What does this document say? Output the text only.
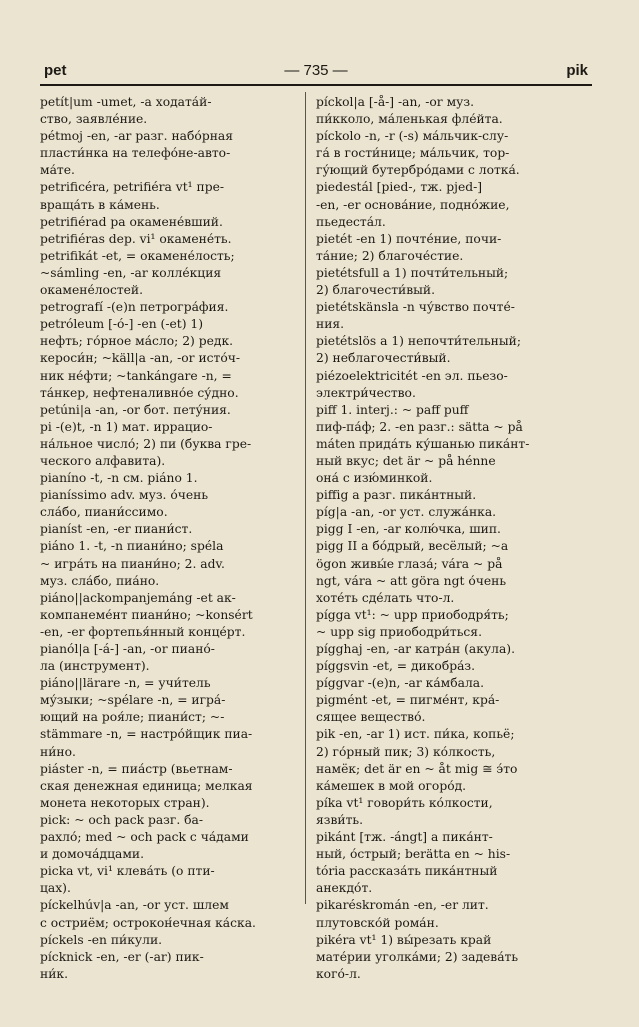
pet	— 735 —	pik
petít|um -umet, -a ходата́й-
ство, заявле́ние.
pétmoj -en, -ar разг. набо́рная
пласти́нка на телефо́не-авто-
ма́те.
petrificéra, petrifiéra vt¹ пре-
враща́ть в ка́мень.
petrifiérad pa окамене́вший.
petrifiéras dep. vi¹ окамене́ть.
petrifikát -et, = окамене́лость;
~sámling -en, -ar колле́кция
окамене́лостей.
petrografí -(e)n петрогра́фия.
petróleum [-ó-] -en (-et) 1)
нефть; го́рное ма́сло; 2) редк.
кероси́н; ~käll|a -an, -or исто́ч-
ник не́фти; ~tankángare -n, =
та́нкер, нефтеналивно́е су́дно.
petúni|a -an, -or бот. пету́ния.
pi -(e)t, -n 1) мат. иррацио-
на́льное число́; 2) пи (буква гре-
ческого алфавита).
pianíno -t, -n см. piáno 1.
pianíssimo adv. муз. о́чень
сла́бо, пиани́ссимо.
pianíst -en, -er пиани́ст.
piáno 1. -t, -n пиани́но; spéla
~ игра́ть на пиани́но; 2. adv.
муз. сла́бо, пиа́но.
piáno||ackompanjemáng -et ак-
компанеме́нт пиани́но; ~konsért
-en, -er фортепья́нный конце́рт.
pianól|a [-á-] -an, -or пиано́-
ла (инструмент).
piáno||lärare -n, = учи́тель
му́зыки; ~spélare -n, = игра́-
ющий на роя́ле; пиани́ст; ~-
stämmare -n, = настро́йщик пиа-
ни́но.
piáster -n, = пиа́стр (вьетнам-
ская денежная единица; мелкая
монета некоторых стран).
pick: ~ och pack разг. ба-
рахло́; med ~ och pack с ча́дами
и домоча́дцами.
picka vt, vi¹ клева́ть (о пти-
цах).
píckelhúv|a -an, -or уст. шлем
с остриём; острокон́ечная ка́ска.
píckels -en пи́кули.
pícknick -en, -er (-ar) пик-
ни́к.
píckol|a [-å-] -an, -or муз.
пи́кколо, ма́ленькая фле́йта.
píckolo -n, -r (-s) ма́льчик-слу-
га́ в гости́нице; ма́льчик, тор-
гу́ющий бутербро́дами с лотка́.
piedestál [pied-, тж. pjed-]
-en, -er основа́ние, подно́жие,
пьедеста́л.
pietét -en 1) почте́ние, почи-
та́ние; 2) благоче́стие.
pietétsfull a 1) почти́тельный;
2) благочести́вый.
pietétskänsla -n чу́вство почте́-
ния.
pietétslös a 1) непочти́тельный;
2) неблагочести́вый.
piézoelektricitét -en эл. пьезо-
электри́чество.
piff 1. interj.: ~ paff puff
пиф-па́ф; 2. -en разг.: sätta ~ på
máten прида́ть ку́шанью пика́нт-
ный вкус; det är ~ på hénne
она́ с изю́минкой.
piffig a разг. пика́нтный.
píg|a -an, -or уст. служа́нка.
pigg I -en, -ar колю́чка, шип.
pigg II a бо́дрый, весёлый; ~a
ögon живы́е глаза́; vára ~ på
ngt, vára ~ att göra ngt о́чень
хоте́ть сде́лать что-л.
pígga vt¹: ~ upp приободря́ть;
~ upp sig приободри́ться.
pígghaj -en, -ar катра́н (акула).
píggsvin -et, = дикобра́з.
píggvar -(e)n, -ar ка́мбала.
pigmént -et, = пигме́нт, кра́-
сящее вещество́.
pik -en, -ar 1) ист. пи́ка, копьё;
2) го́рный пик; 3) ко́лкость,
намёк; det är en ~ åt mig ≅ э́то
ка́мешек в мой огоро́д.
píka vt¹ говори́ть ко́лкости,
язви́ть.
pikánt [тж. -ángt] a пика́нт-
ный, о́стрый; berätta en ~ his-
tória рассказа́ть пика́нтный
анекдо́т.
pikaréskromán -en, -er лит.
плутовско́й рома́н.
pikéra vt¹ 1) вы́резать край
мате́рии уголка́ми; 2) задева́ть
кого́-л.
